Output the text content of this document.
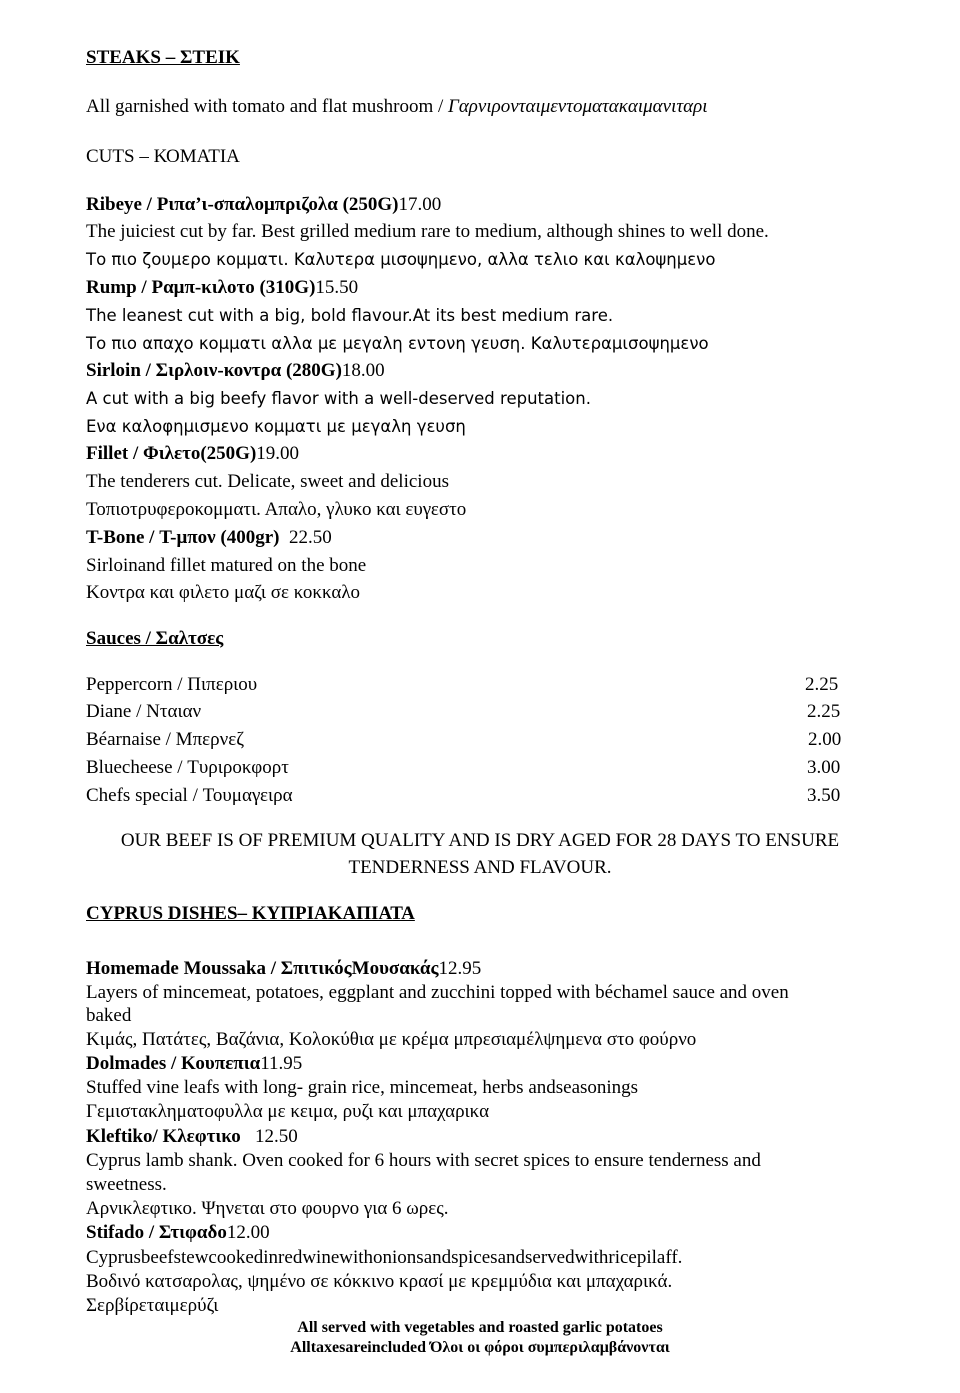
STEAKS – ΣΤΕΙΚ
All garnished with tomato and flat mushroom / Γαρνιρονταιμεντοματακαιμανιταρι
CUTS – ΚΟΜΑΤΙΑ
Ribeye / Ριπα’ι-σπαλομπριζολα (250G)17.00
The juiciest cut by far. Best grilled medium rare to medium, although shines to well done.
Το πιο ζουμερο κομματι. Καλυτερα μισοψημενο, αλλα τελιο και καλοψημενο
Rump / Ραμπ-κιλοτο (310G)15.50
The leanest cut with a big, bold flavour.At its best medium rare.
Το πιο απαχο κομματι αλλα με μεγαλη εντονη γευση. Καλυτεραμισοψημενο
Sirloin / Σιρλοιν-κοντρα (280G)18.00
A cut with a big beefy flavor with a well-deserved reputation.
Ενα καλοφημισμενο κομματι με μεγαλη γευση
Fillet / Φιλετο(250G)19.00
The tenderers cut. Delicate, sweet and delicious
Τοπιοτρυφεροκομματι. Απαλο, γλυκο και ευγεστο
T-Bone / Τ-μπον (400gr)  22.50
Sirloinand fillet matured on the bone
Κοντρα και φιλετο μαζι σε κοκκαλο
Sauces / Σαλτσες
Peppercorn / Πιπεριου	2.25
Diane / Νταιαν	2.25
Béarnaise / Μπερνεζ	2.00
Bluecheese / Τυριροκφορτ	3.00
Chefs special / Τουμαγειρα	3.50
OUR BEEF IS OF PREMIUM QUALITY AND IS DRY AGED FOR 28 DAYS TO ENSURE
TENDERNESS AND FLAVOUR.
CYPRUS DISHES– ΚΥΠΡΙΑΚΑΠΙΑΤΑ
Homemade Moussaka / ΣπιτικόςΜουσακάς12.95
Layers of mincemeat, potatoes, eggplant and zucchini topped with béchamel sauce and oven
baked
Κιμάς, Πατάτες, Βαζάνια, Κολοκύθια με κρέμα μπρεσιαμέλψημενα στο φούρνο
Dolmades / Κουπεπια11.95
Stuffed vine leafs with long- grain rice, mincemeat, herbs andseasonings
Γεμιστακληματοφυλλα με κειμα, ρυζι και μπαχαρικα
Kleftiko/ Κλεφτικο   12.50
Cyprus lamb shank. Oven cooked for 6 hours with secret spices to ensure tenderness and
sweetness.
Αρνικλεφτικο. Ψηνεται στο φουρνο για 6 ωρες.
Stifado / Στιφαδο12.00
Cyprusbeefstewcookedinredwinewithonionsandspicesandservedwithricepilaff.
Βοδινό κατσαρολας, ψημένο σε κόκκινο κρασί με κρεμμύδια και μπαχαρικά.
Σερβίρεταιμερύζι
All served with vegetables and roasted garlic potatoes
Alltaxesareincluded Όλοι οι φόροι συμπεριλαμβάνονται
